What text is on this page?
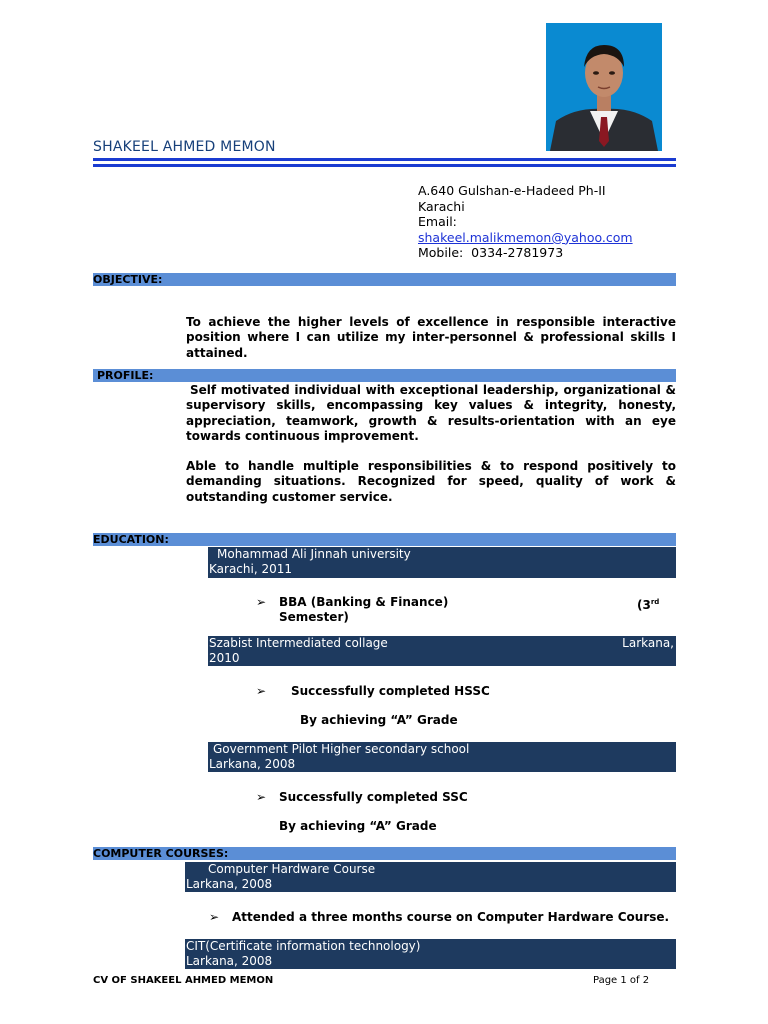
SHAKEEL AHMED MEMON
A.640 Gulshan-e-Hadeed Ph-II
Karachi
Email:
shakeel.malikmemon@yahoo.com
Mobile: 0334-2781973
OBJECTIVE:
To achieve the higher levels of excellence in responsible interactive position where I can utilize my inter-personnel & professional skills I attained.
PROFILE:
Self motivated individual with exceptional leadership, organizational & supervisory skills, encompassing key values & integrity, honesty, appreciation, teamwork, growth & results-orientation with an eye towards continuous improvement.
Able to handle multiple responsibilities & to respond positively to demanding situations. Recognized for speed, quality of work & outstanding customer service.
EDUCATION:
Mohammad Ali Jinnah university
Karachi, 2011
➢ BBA (Banking & Finance)	(3rd
Semester)
Szabist Intermediated collage	Larkana,
2010
➢ Successfully completed HSSC
By achieving “A” Grade
Government Pilot Higher secondary school
Larkana, 2008
➢ Successfully completed SSC
By achieving “A” Grade
COMPUTER COURSES:
Computer Hardware Course
Larkana, 2008
➢ Attended a three months course on Computer Hardware Course.
CIT(Certificate information technology)
Larkana, 2008
CV OF SHAKEEL AHMED MEMON	Page 1 of 2
